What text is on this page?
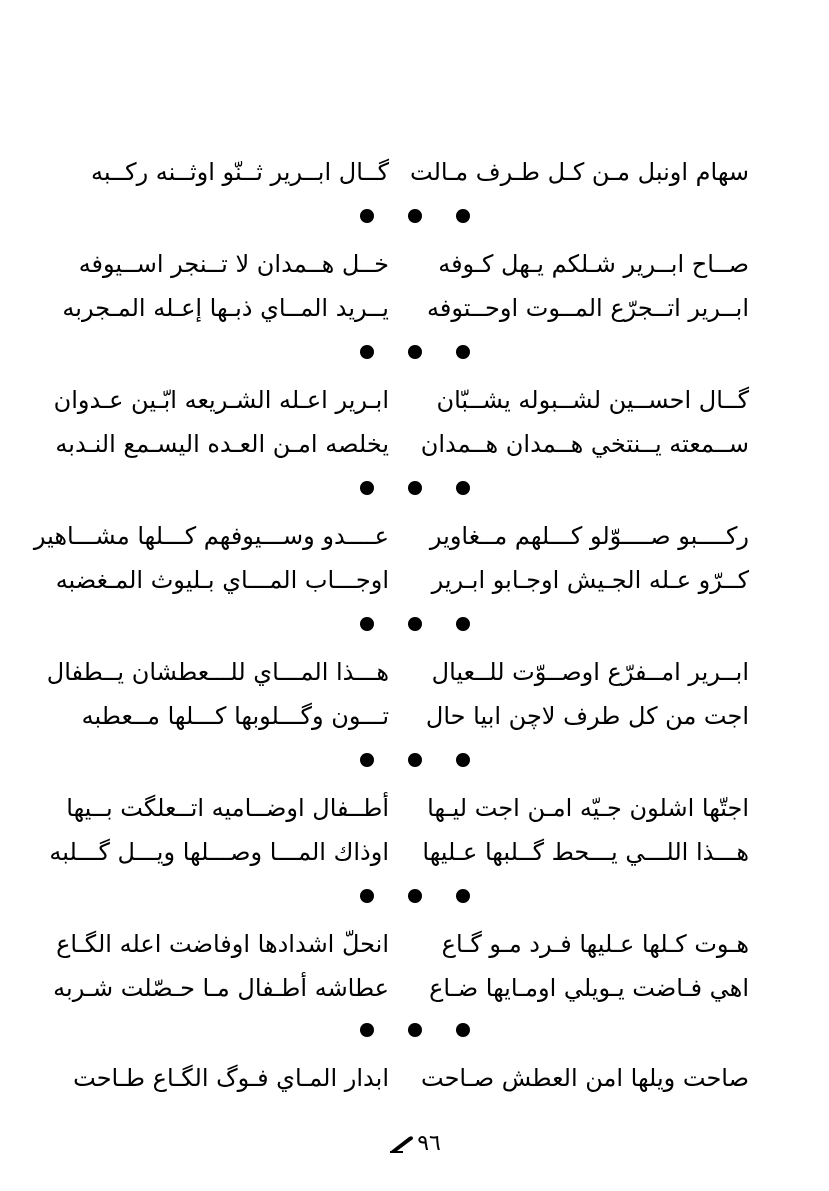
سهام اونبل مـن كـل طـرف مـالت
گــال ابــرير ثــنّو اوثــنه ركــبه
صــاح ابــرير شـلكم يـهل كـوفه
خــل هــمدان لا تــنجر اســيوفه
ابــرير اتــجرّع المــوت اوحــتوفه
يــريد المــاي ذبـها إعـله المـجربه
گــال احســين لشــبوله يشــبّان
ابـرير اعـله الشـريعه ابّـين عـدوان
ســمعته يــنتخي هــمدان هــمدان
يخلصه امـن العـده اليسـمع النـدبه
ركــــبو صــــوّلو كـــلهم مــغاوير
عــــدو وســـيوفهم كـــلها مشـــاهير
كــرّو عـله الجـيش اوجـابو ابـرير
اوجـــاب المـــاي بـليوث المـغضبه
ابــرير امــفرّع اوصــوّت للــعيال
هـــذا المـــاي للـــعطشان يــطفال
اجت من كل طرف لاچن ابيا حال
تـــون وگـــلوبها كـــلها مــعطبه
اجتّها اشلون جـيّه امـن اجت ليـها
أطــفال اوضــاميه اتــعلگت بــيها
هـــذا اللـــي يـــحط گــلبها عـليها
اوذاك المـــا وصـــلها ويـــل گـــلبه
هـوت كـلها عـليها فـرد مـو گـاع
انحلّ اشدادها اوفاضت اعله الگـاع
اهي فـاضت يـويلي اومـايها ضـاع
عطاشه أطـفال مـا حـصّلت شـربه
صاحت ويلها امن العطش صـاحت
ابدار المـاي فـوگ الگـاع طـاحت
٩٦
